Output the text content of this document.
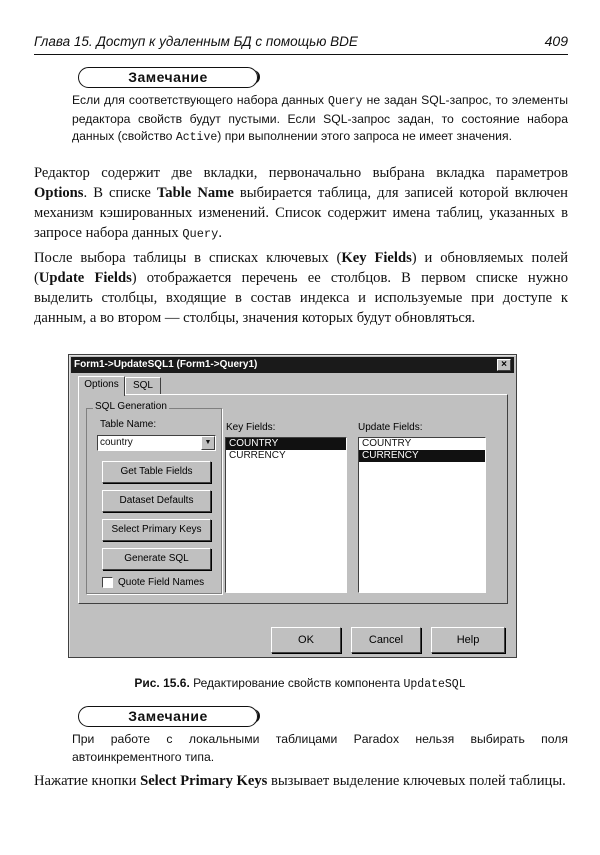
Глава 15. Доступ к удаленным БД с помощью BDE	409
Замечание
Если для соответствующего набора данных Query не задан SQL-запрос, то элементы редактора свойств будут пустыми. Если SQL-запрос задан, то состояние набора данных (свойство Active) при выполнении этого запроса не имеет значения.
Редактор содержит две вкладки, первоначально выбрана вкладка параметров Options. В списке Table Name выбирается таблица, для записей которой включен механизм кэшированных изменений. Список содержит имена таблиц, указанных в запросе набора данных Query.
После выбора таблицы в списках ключевых (Key Fields) и обновляемых полей (Update Fields) отображается перечень ее столбцов. В первом списке нужно выделить столбцы, входящие в состав индекса и используемые при доступе к данным, а во втором — столбцы, значения которых будут обновляться.
Form1->UpdateSQL1 (Form1->Query1)	×
Options	SQL
SQL Generation
Table Name:
country	▼
Get Table Fields
Dataset Defaults
Select Primary Keys
Generate SQL
Quote Field Names
Key Fields:
COUNTRY
CURRENCY
Update Fields:
COUNTRY
CURRENCY
OK	Cancel	Help
Рис. 15.6. Редактирование свойств компонента UpdateSQL
Замечание
При работе с локальными таблицами Paradox нельзя выбирать поля автоинкрементного типа.
Нажатие кнопки Select Primary Keys вызывает выделение ключевых полей таблицы.
